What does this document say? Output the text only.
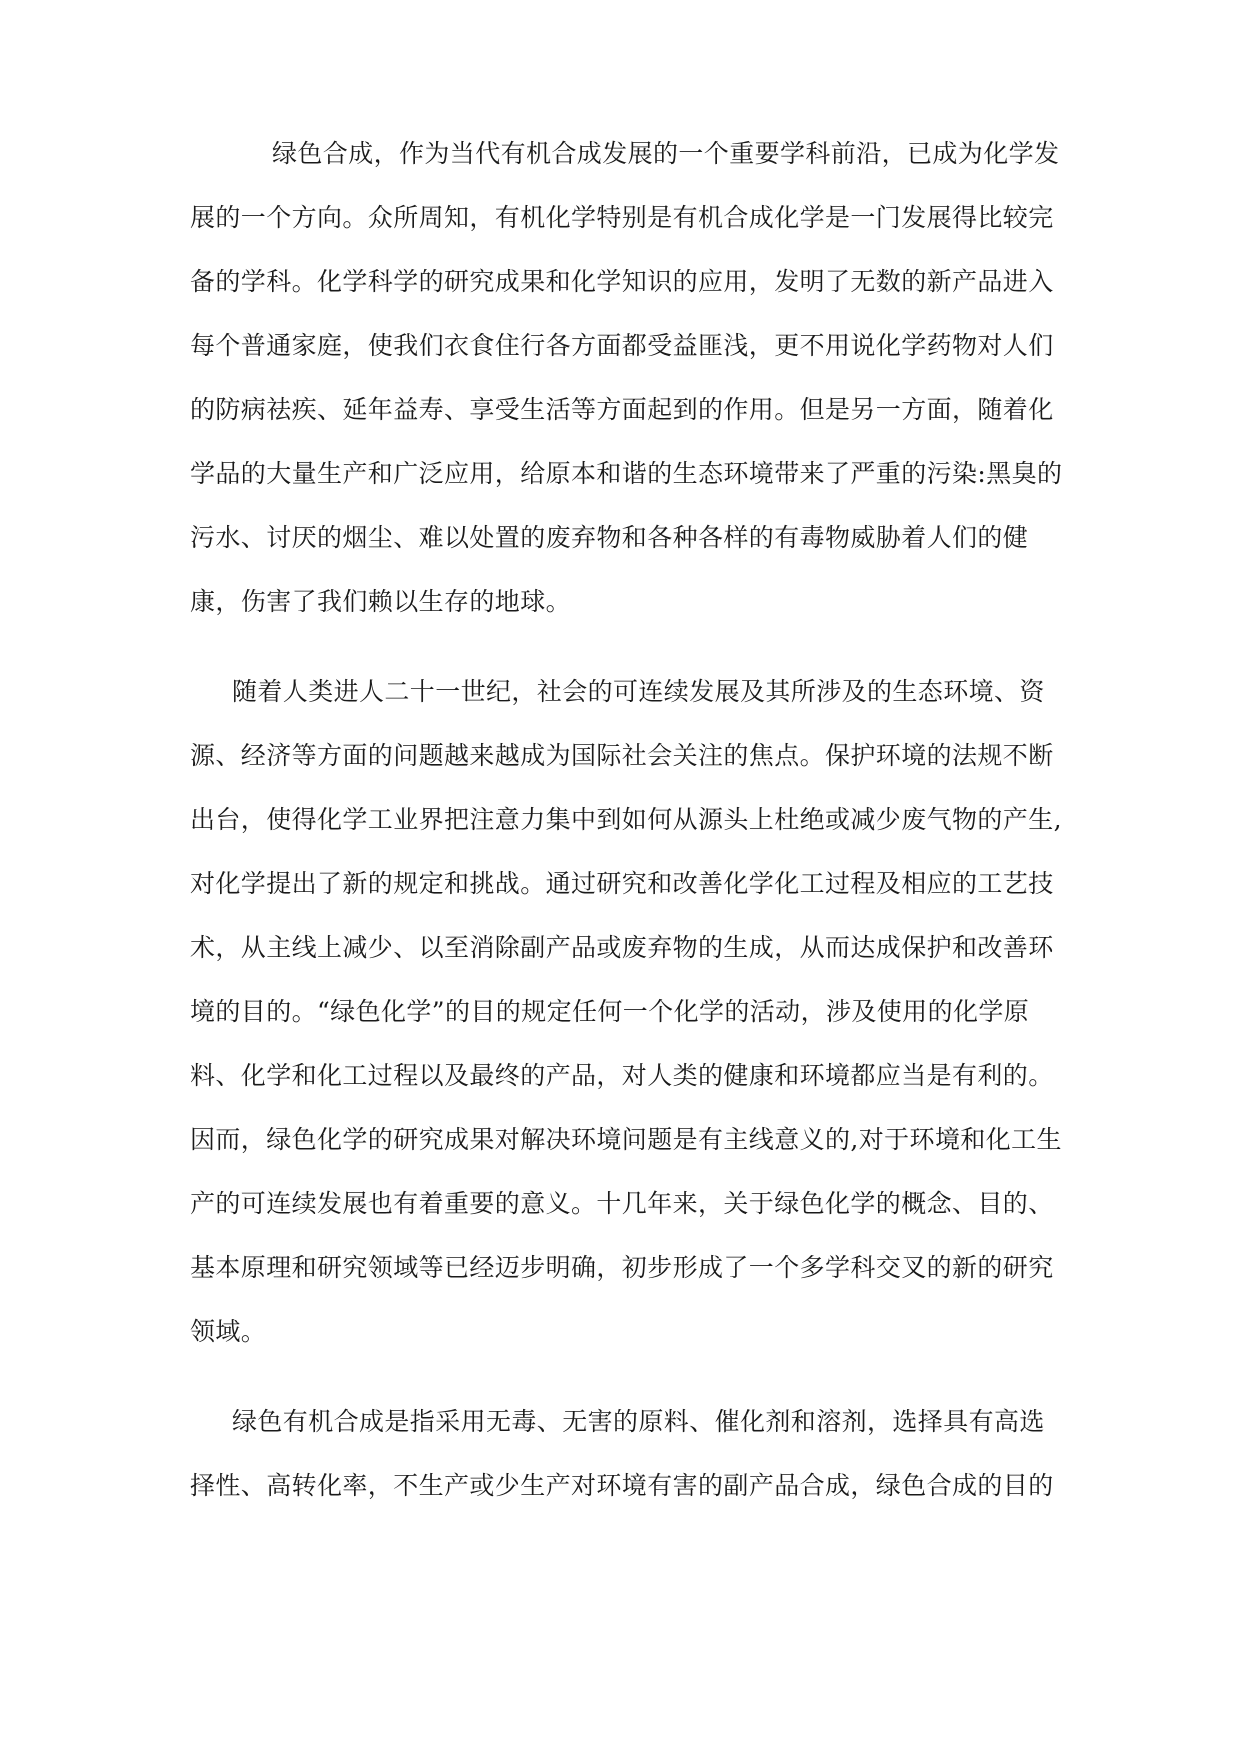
绿色合成，作为当代有机合成发展的一个重要学科前沿，已成为化学发

展的一个方向。众所周知，有机化学特别是有机合成化学是一门发展得比较完

备的学科。化学科学的研究成果和化学知识的应用，发明了无数的新产品进入

每个普通家庭，使我们衣食住行各方面都受益匪浅，更不用说化学药物对人们

的防病祛疾、延年益寿、享受生活等方面起到的作用。但是另一方面，随着化

学品的大量生产和广泛应用，给原本和谐的生态环境带来了严重的污染:黑臭的

污水、讨厌的烟尘、难以处置的废弃物和各种各样的有毒物威胁着人们的健

康，伤害了我们赖以生存的地球。

随着人类进人二十一世纪，社会的可连续发展及其所涉及的生态环境、资

源、经济等方面的问题越来越成为国际社会关注的焦点。保护环境的法规不断

出台，使得化学工业界把注意力集中到如何从源头上杜绝或减少废气物的产生,

对化学提出了新的规定和挑战。通过研究和改善化学化工过程及相应的工艺技

术，从主线上减少、以至消除副产品或废弃物的生成，从而达成保护和改善环

境的目的。“绿色化学”的目的规定任何一个化学的活动，涉及使用的化学原

料、化学和化工过程以及最终的产品，对人类的健康和环境都应当是有利的。

因而，绿色化学的研究成果对解决环境问题是有主线意义的,对于环境和化工生

产的可连续发展也有着重要的意义。十几年来，关于绿色化学的概念、目的、

基本原理和研究领域等已经迈步明确，初步形成了一个多学科交叉的新的研究

领域。

绿色有机合成是指采用无毒、无害的原料、催化剂和溶剂，选择具有高选

择性、高转化率，不生产或少生产对环境有害的副产品合成，绿色合成的目的
